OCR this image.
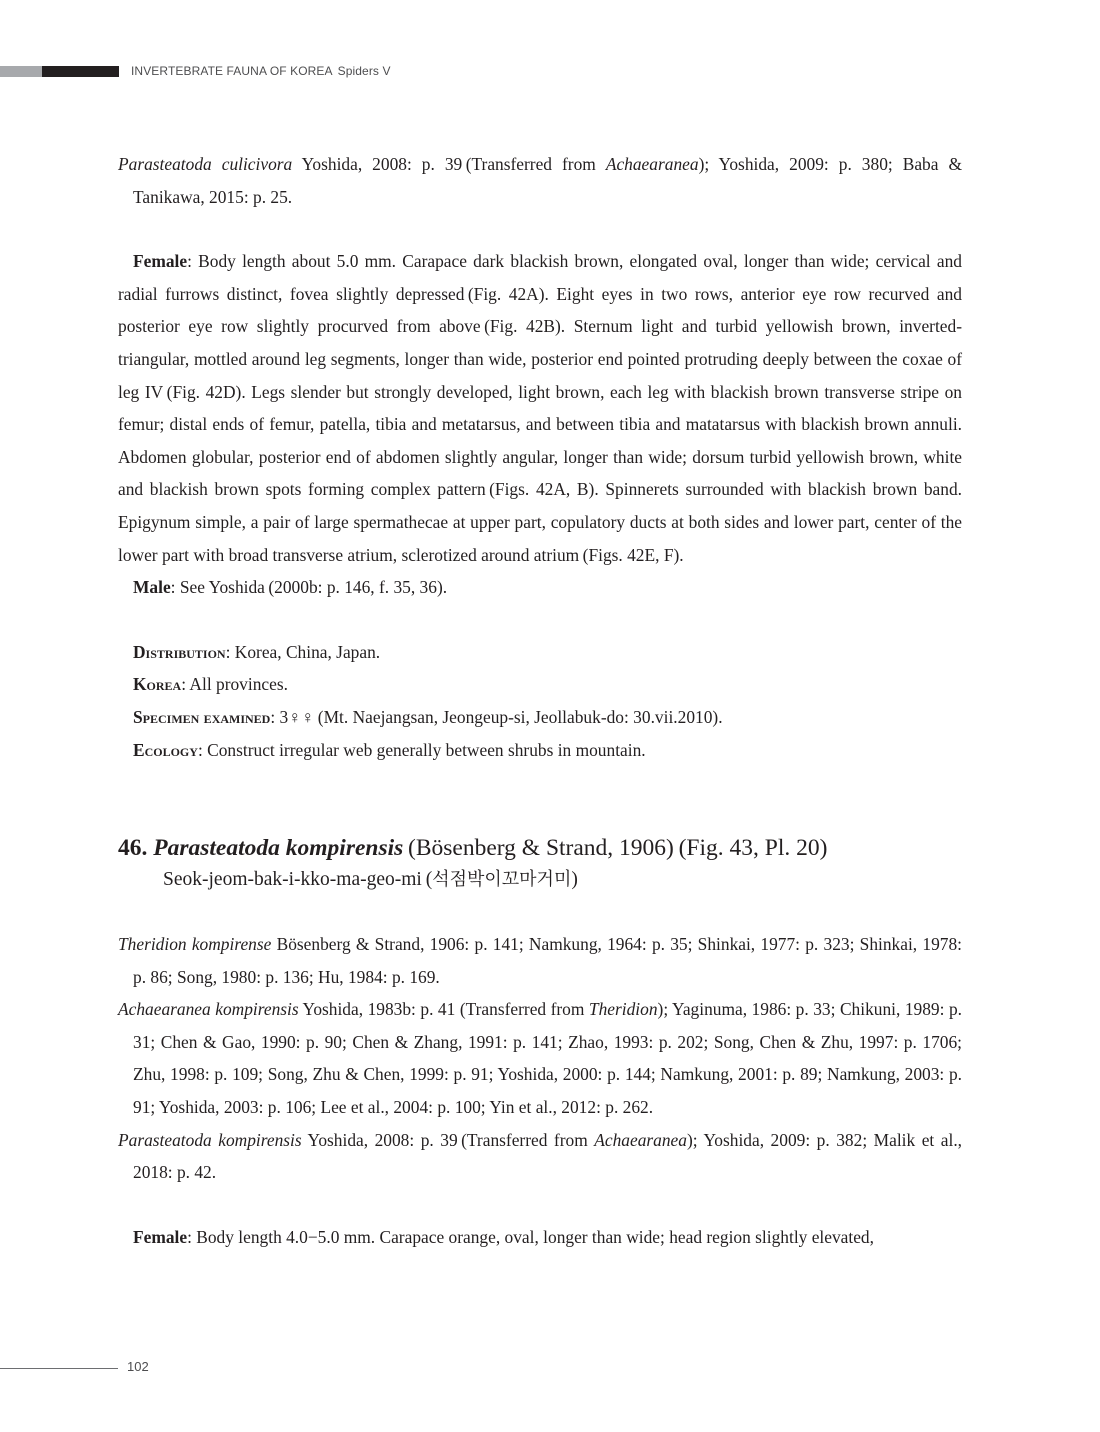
INVERTEBRATE FAUNA OF KOREA Spiders V

Parasteatoda culicivora Yoshida, 2008: p. 39 (Transferred from Achaearanea); Yoshida, 2009: p. 380; Baba & Tanikawa, 2015: p. 25.

Female: Body length about 5.0 mm. Carapace dark blackish brown, elongated oval, longer than wide; cervical and radial furrows distinct, fovea slightly depressed (Fig. 42A). Eight eyes in two rows, anterior eye row recurved and posterior eye row slightly procurved from above (Fig. 42B). Sternum light and turbid yellowish brown, inverted-triangular, mottled around leg segments, longer than wide, posterior end pointed protruding deeply between the coxae of leg IV (Fig. 42D). Legs slender but strongly developed, light brown, each leg with blackish brown transverse stripe on femur; distal ends of femur, patella, tibia and metatarsus, and between tibia and matatarsus with blackish brown annuli. Abdomen globular, posterior end of abdomen slightly angular, longer than wide; dorsum turbid yellowish brown, white and blackish brown spots forming complex pattern (Figs. 42A, B). Spinnerets surrounded with blackish brown band. Epigynum simple, a pair of large spermathecae at upper part, copulatory ducts at both sides and lower part, center of the lower part with broad transverse atrium, sclerotized around atrium (Figs. 42E, F).

Male: See Yoshida (2000b: p. 146, f. 35, 36).

Distribution: Korea, China, Japan.

Korea: All provinces.

Specimen examined: 3♀♀ (Mt. Naejangsan, Jeongeup-si, Jeollabuk-do: 30.vii.2010).

Ecology: Construct irregular web generally between shrubs in mountain.

46. Parasteatoda kompirensis (Bösenberg & Strand, 1906) (Fig. 43, Pl. 20)

Seok-jeom-bak-i-kko-ma-geo-mi (석점박이꼬마거미)

Theridion kompirense Bösenberg & Strand, 1906: p. 141; Namkung, 1964: p. 35; Shinkai, 1977: p. 323; Shinkai, 1978: p. 86; Song, 1980: p. 136; Hu, 1984: p. 169.

Achaearanea kompirensis Yoshida, 1983b: p. 41 (Transferred from Theridion); Yaginuma, 1986: p. 33; Chikuni, 1989: p. 31; Chen & Gao, 1990: p. 90; Chen & Zhang, 1991: p. 141; Zhao, 1993: p. 202; Song, Chen & Zhu, 1997: p. 1706; Zhu, 1998: p. 109; Song, Zhu & Chen, 1999: p. 91; Yoshida, 2000: p. 144; Namkung, 2001: p. 89; Namkung, 2003: p. 91; Yoshida, 2003: p. 106; Lee et al., 2004: p. 100; Yin et al., 2012: p. 262.

Parasteatoda kompirensis Yoshida, 2008: p. 39 (Transferred from Achaearanea); Yoshida, 2009: p. 382; Malik et al., 2018: p. 42.

Female: Body length 4.0−5.0 mm. Carapace orange, oval, longer than wide; head region slightly elevated,

102
